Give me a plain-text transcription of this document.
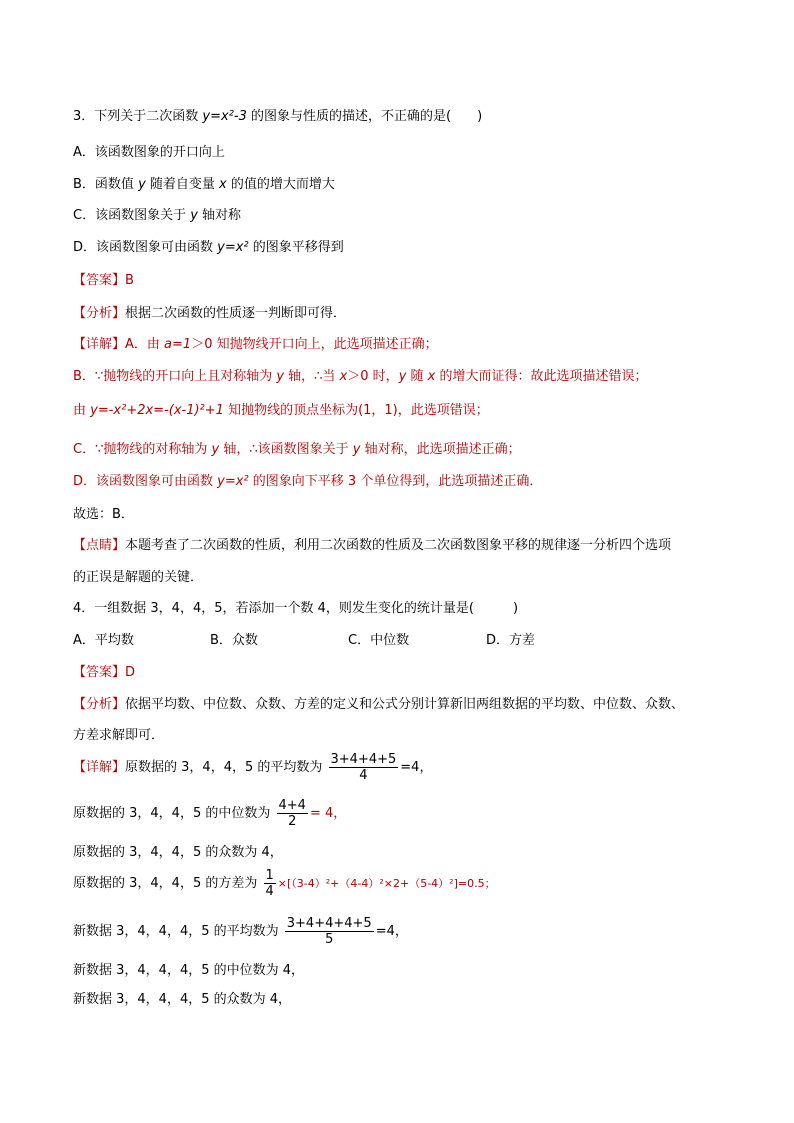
3．下列关于二次函数 y=x²-3 的图象与性质的描述，不正确的是(　　)
A．该函数图象的开口向上
B．函数值 y 随着自变量 x 的值的增大而增大
C．该函数图象关于 y 轴对称
D．该函数图象可由函数 y=x² 的图象平移得到
【答案】B
【分析】根据二次函数的性质逐一判断即可得．
【详解】A．由 a=1＞0 知抛物线开口向上，此选项描述正确；
B．∵抛物线的开口向上且对称轴为 y 轴，∴当 x＞0 时，y 随 x 的增大而证得：故此选项描述错误；
由 y=-x²+2x=-(x-1)²+1 知抛物线的顶点坐标为(1，1)，此选项错误；
C．∵抛物线的对称轴为 y 轴，∴该函数图象关于 y 轴对称，此选项描述正确；
D．该函数图象可由函数 y=x² 的图象向下平移 3 个单位得到，此选项描述正确．
故选：B．
【点睛】本题考查了二次函数的性质，利用二次函数的性质及二次函数图象平移的规律逐一分析四个选项
的正误是解题的关键．
4．一组数据 3，4，4，5，若添加一个数 4，则发生变化的统计量是(　　　)
A．平均数	B．众数	C．中位数	D．方差
【答案】D
【分析】依据平均数、中位数、众数、方差的定义和公式分别计算新旧两组数据的平均数、中位数、众数、
方差求解即可．
【详解】原数据的 3，4，4，5 的平均数为 $\frac{3+4+4+5}{4} =4$，
原数据的 3，4，4，5 的中位数为 $\frac{4+4}{2} = 4$，
原数据的 3，4，4，5 的众数为 4，
原数据的 3，4，4，5 的方差为 $\frac{1}{4} \times[(3-4)^2+(4-4)^2\times 2+(5-4)^2]=0.5$；
新数据 3，4，4，4，5 的平均数为 $\frac{3+4+4+4+5}{5} =4$，
新数据 3，4，4，4，5 的中位数为 4，
新数据 3，4，4，4，5 的众数为 4，
